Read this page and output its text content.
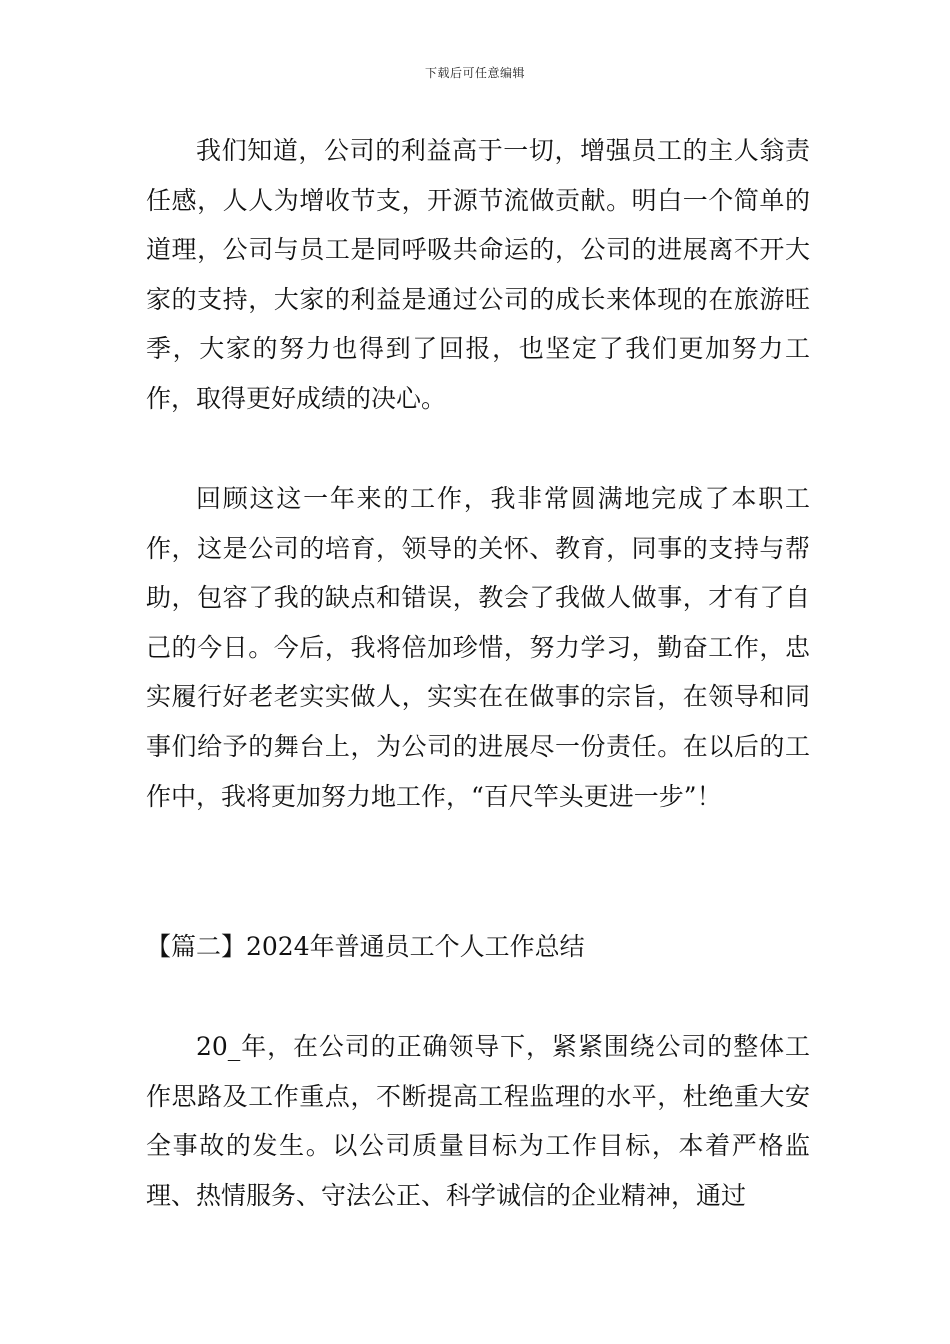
下载后可任意编辑

我们知道，公司的利益高于一切，增强员工的主人翁责任感，人人为增收节支，开源节流做贡献。明白一个简单的道理，公司与员工是同呼吸共命运的，公司的进展离不开大家的支持，大家的利益是通过公司的成长来体现的在旅游旺季，大家的努力也得到了回报，也坚定了我们更加努力工作，取得更好成绩的决心。

回顾这这一年来的工作，我非常圆满地完成了本职工作，这是公司的培育，领导的关怀、教育，同事的支持与帮助，包容了我的缺点和错误，教会了我做人做事，才有了自己的今日。今后，我将倍加珍惜，努力学习，勤奋工作，忠实履行好老老实实做人，实实在在做事的宗旨，在领导和同事们给予的舞台上，为公司的进展尽一份责任。在以后的工作中，我将更加努力地工作，“百尺竿头更进一步”！

【篇二】2024年普通员工个人工作总结

20_年，在公司的正确领导下，紧紧围绕公司的整体工作思路及工作重点，不断提高工程监理的水平，杜绝重大安全事故的发生。以公司质量目标为工作目标，本着严格监理、热情服务、守法公正、科学诚信的企业精神，通过
